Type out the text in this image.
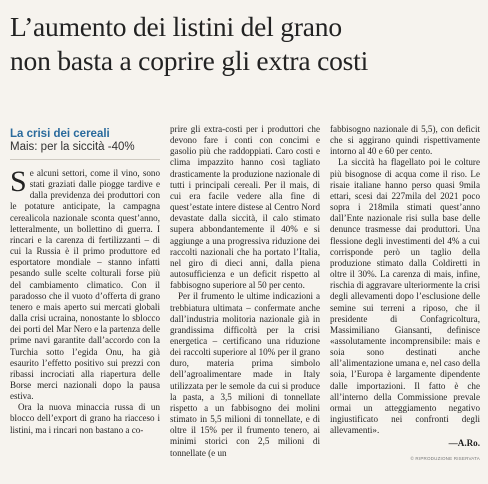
L’aumento dei listini del grano
non basta a coprire gli extra costi
La crisi dei cereali
Mais: per la siccità -40%

Se alcuni settori, come il vino, sono stati graziati dalle piogge tardive e dalla previdenza dei produttori con le potature anticipate, la campagna cerealicola nazionale sconta quest’anno, letteralmente, un bollettino di guerra. I rincari e la carenza di fertilizzanti – di cui la Russia è il primo produttore ed esportatore mondiale – stanno infatti pesando sulle scelte colturali forse più del cambiamento climatico. Con il paradosso che il vuoto d’offerta di grano tenero e mais aperto sui mercati globali dalla crisi ucraina, nonostante lo sblocco dei porti del Mar Nero e la partenza delle prime navi garantite dall’accordo con la Turchia sotto l’egida Onu, ha già esaurito l’effetto positivo sui prezzi con ribassi incrociati alla riapertura delle Borse merci nazionali dopo la pausa estiva.

Ora la nuova minaccia russa di un blocco dell’export di grano ha riacceso i listini, ma i rincari non bastano a co-

prire gli extra-costi per i produttori che devono fare i conti con concimi e gasolio più che raddoppiati. Caro costi e clima impazzito hanno così tagliato drasticamente la produzione nazionale di tutti i principali cereali. Per il mais, di cui era facile vedere alla fine di quest’estate intere distese al Centro Nord devastate dalla siccità, il calo stimato supera abbondantemente il 40% e si aggiunge a una progressiva riduzione dei raccolti nazionali che ha portato l’Italia, nel giro di dieci anni, dalla piena autosufficienza e un deficit rispetto al fabbisogno superiore al 50 per cento.

Per il frumento le ultime indicazioni a trebbiatura ultimata – confermate anche dall’industria molitoria nazionale già in grandissima difficoltà per la crisi energetica – certificano una riduzione dei raccolti superiore al 10% per il grano duro, materia prima simbolo dell’agroalimentare made in Italy utilizzata per le semole da cui si produce la pasta, a 3,5 milioni di tonnellate rispetto a un fabbisogno dei molini stimato in 5,5 milioni di tonnellate, e di oltre il 15% per il frumento tenero, ai minimi storici con 2,5 milioni di tonnellate (e un

fabbisogno nazionale di 5,5), con deficit che si aggirano quindi rispettivamente intorno al 40 e 60 per cento.

La siccità ha flagellato poi le colture più bisognose di acqua come il riso. Le risaie italiane hanno perso quasi 9mila ettari, scesi dai 227mila del 2021 poco sopra i 218mila stimati quest’anno dall’Ente nazionale risi sulla base delle denunce trasmesse dai produttori. Una flessione degli investimenti del 4% a cui corrisponde però un taglio della produzione stimato dalla Coldiretti in oltre il 30%. La carenza di mais, infine, rischia di aggravare ulteriormente la crisi degli allevamenti dopo l’esclusione delle semine sui terreni a riposo, che il presidente di Confagricoltura, Massimiliano Giansanti, definisce «assolutamente incomprensibile: mais e soia sono destinati anche all’alimentazione umana e, nel caso della soia, l’Europa è largamente dipendente dalle importazioni. Il fatto è che all’interno della Commissione prevale ormai un atteggiamento negativo ingiustificato nei confronti degli allevamenti».

—A.Ro.
© RIPRODUZIONE RISERVATA
